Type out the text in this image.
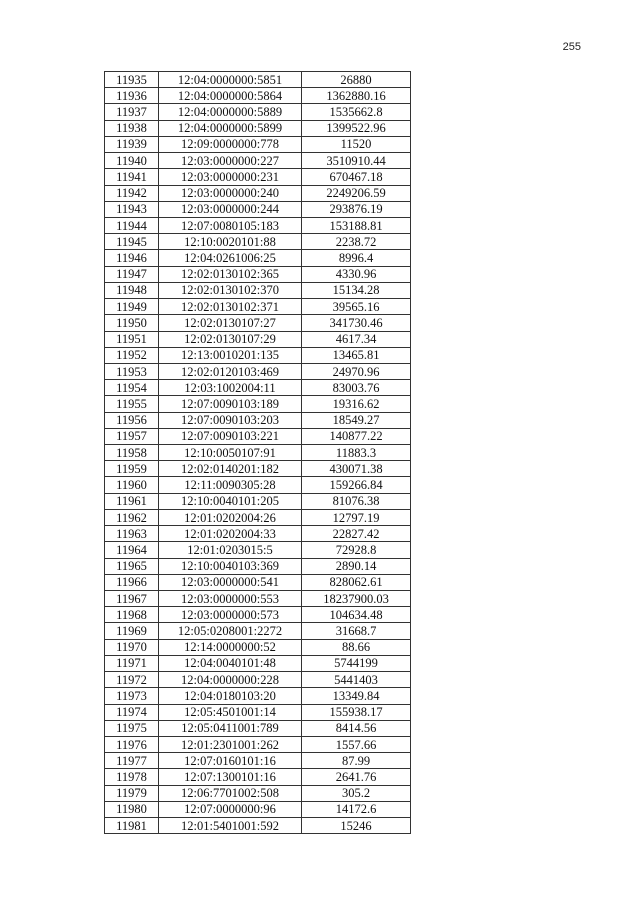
255
11935	12:04:0000000:5851	26880
11936	12:04:0000000:5864	1362880.16
11937	12:04:0000000:5889	1535662.8
11938	12:04:0000000:5899	1399522.96
11939	12:09:0000000:778	11520
11940	12:03:0000000:227	3510910.44
11941	12:03:0000000:231	670467.18
11942	12:03:0000000:240	2249206.59
11943	12:03:0000000:244	293876.19
11944	12:07:0080105:183	153188.81
11945	12:10:0020101:88	2238.72
11946	12:04:0261006:25	8996.4
11947	12:02:0130102:365	4330.96
11948	12:02:0130102:370	15134.28
11949	12:02:0130102:371	39565.16
11950	12:02:0130107:27	341730.46
11951	12:02:0130107:29	4617.34
11952	12:13:0010201:135	13465.81
11953	12:02:0120103:469	24970.96
11954	12:03:1002004:11	83003.76
11955	12:07:0090103:189	19316.62
11956	12:07:0090103:203	18549.27
11957	12:07:0090103:221	140877.22
11958	12:10:0050107:91	11883.3
11959	12:02:0140201:182	430071.38
11960	12:11:0090305:28	159266.84
11961	12:10:0040101:205	81076.38
11962	12:01:0202004:26	12797.19
11963	12:01:0202004:33	22827.42
11964	12:01:0203015:5	72928.8
11965	12:10:0040103:369	2890.14
11966	12:03:0000000:541	828062.61
11967	12:03:0000000:553	18237900.03
11968	12:03:0000000:573	104634.48
11969	12:05:0208001:2272	31668.7
11970	12:14:0000000:52	88.66
11971	12:04:0040101:48	5744199
11972	12:04:0000000:228	5441403
11973	12:04:0180103:20	13349.84
11974	12:05:4501001:14	155938.17
11975	12:05:0411001:789	8414.56
11976	12:01:2301001:262	1557.66
11977	12:07:0160101:16	87.99
11978	12:07:1300101:16	2641.76
11979	12:06:7701002:508	305.2
11980	12:07:0000000:96	14172.6
11981	12:01:5401001:592	15246
